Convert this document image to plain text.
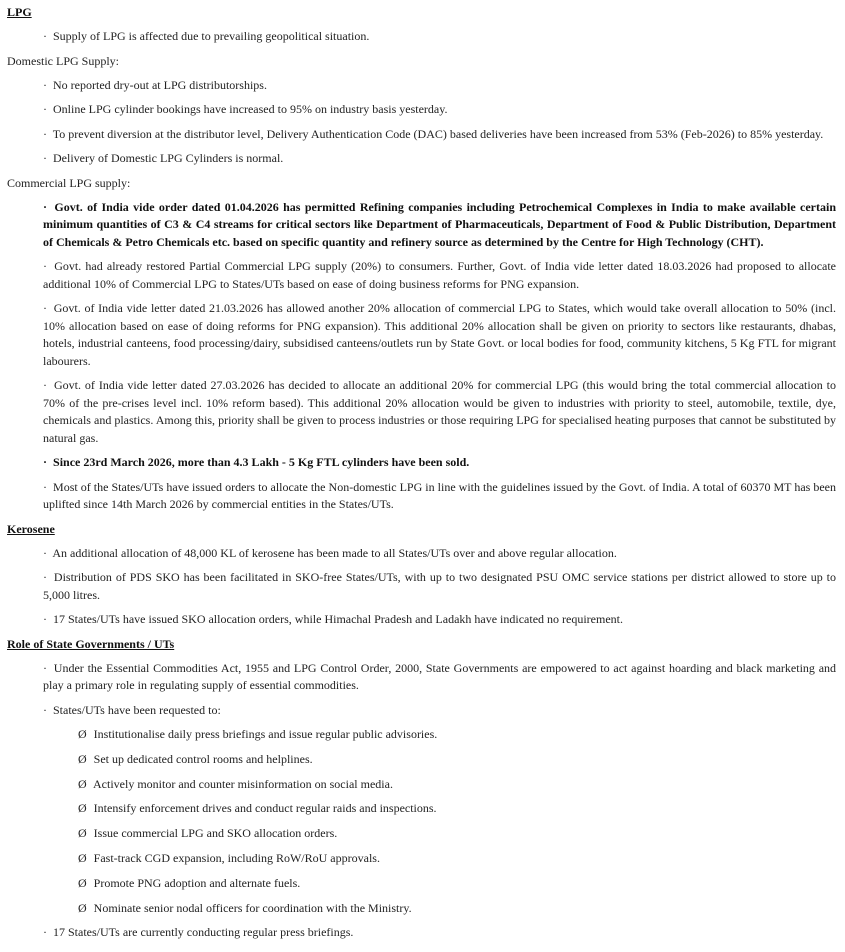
LPG
· Supply of LPG is affected due to prevailing geopolitical situation.
Domestic LPG Supply:
· No reported dry-out at LPG distributorships.
· Online LPG cylinder bookings have increased to 95% on industry basis yesterday.
· To prevent diversion at the distributor level, Delivery Authentication Code (DAC) based deliveries have been increased from 53% (Feb-2026) to 85% yesterday.
· Delivery of Domestic LPG Cylinders is normal.
Commercial LPG supply:
· Govt. of India vide order dated 01.04.2026 has permitted Refining companies including Petrochemical Complexes in India to make available certain minimum quantities of C3 & C4 streams for critical sectors like Department of Pharmaceuticals, Department of Food & Public Distribution, Department of Chemicals & Petro Chemicals etc. based on specific quantity and refinery source as determined by the Centre for High Technology (CHT).
· Govt. had already restored Partial Commercial LPG supply (20%) to consumers. Further, Govt. of India vide letter dated 18.03.2026 had proposed to allocate additional 10% of Commercial LPG to States/UTs based on ease of doing business reforms for PNG expansion.
· Govt. of India vide letter dated 21.03.2026 has allowed another 20% allocation of commercial LPG to States, which would take overall allocation to 50% (incl. 10% allocation based on ease of doing reforms for PNG expansion). This additional 20% allocation shall be given on priority to sectors like restaurants, dhabas, hotels, industrial canteens, food processing/dairy, subsidised canteens/outlets run by State Govt. or local bodies for food, community kitchens, 5 Kg FTL for migrant labourers.
· Govt. of India vide letter dated 27.03.2026 has decided to allocate an additional 20% for commercial LPG (this would bring the total commercial allocation to 70% of the pre-crises level incl. 10% reform based). This additional 20% allocation would be given to industries with priority to steel, automobile, textile, dye, chemicals and plastics. Among this, priority shall be given to process industries or those requiring LPG for specialised heating purposes that cannot be substituted by natural gas.
· Since 23rd March 2026, more than 4.3 Lakh - 5 Kg FTL cylinders have been sold.
· Most of the States/UTs have issued orders to allocate the Non-domestic LPG in line with the guidelines issued by the Govt. of India. A total of 60370 MT has been uplifted since 14th March 2026 by commercial entities in the States/UTs.
Kerosene
· An additional allocation of 48,000 KL of kerosene has been made to all States/UTs over and above regular allocation.
· Distribution of PDS SKO has been facilitated in SKO-free States/UTs, with up to two designated PSU OMC service stations per district allowed to store up to 5,000 litres.
· 17 States/UTs have issued SKO allocation orders, while Himachal Pradesh and Ladakh have indicated no requirement.
Role of State Governments / UTs
· Under the Essential Commodities Act, 1955 and LPG Control Order, 2000, State Governments are empowered to act against hoarding and black marketing and play a primary role in regulating supply of essential commodities.
· States/UTs have been requested to:
Ø Institutionalise daily press briefings and issue regular public advisories.
Ø Set up dedicated control rooms and helplines.
Ø Actively monitor and counter misinformation on social media.
Ø Intensify enforcement drives and conduct regular raids and inspections.
Ø Issue commercial LPG and SKO allocation orders.
Ø Fast-track CGD expansion, including RoW/RoU approvals.
Ø Promote PNG adoption and alternate fuels.
Ø Nominate senior nodal officers for coordination with the Ministry.
· 17 States/UTs are currently conducting regular press briefings.
